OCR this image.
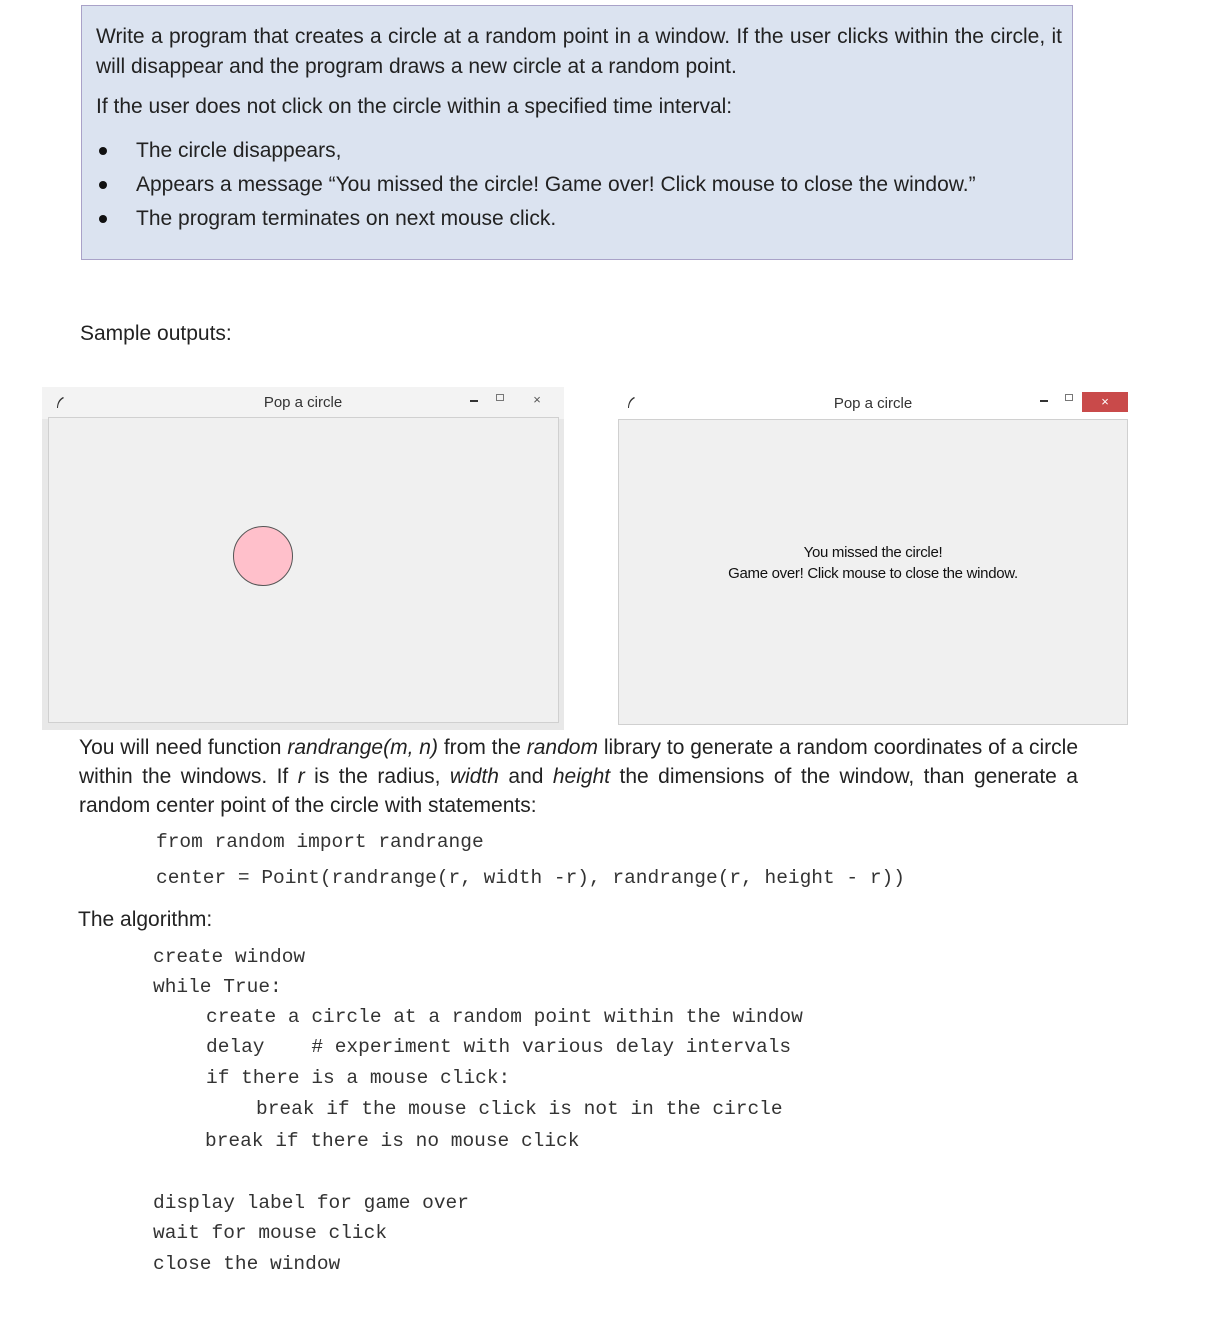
Write a program that creates a circle at a random point in a window. If the user clicks within the circle, it will disappear and the program draws a new circle at a random point.

If the user does not click on the circle within a specified time interval:

The circle disappears,
Appears a message “You missed the circle! Game over! Click mouse to close the window.”
The program terminates on next mouse click.

Sample outputs:

Pop a circle	×	Pop a circle	×
You missed the circle!
Game over! Click mouse to close the window.

You will need function randrange(m, n) from the random library to generate a random coordinates of a circle within the windows. If r is the radius, width and height the dimensions of the window, than generate a random center point of the circle with statements:

from random import randrange
center = Point(randrange(r, width -r), randrange(r, height - r))

The algorithm:

create window
while True:
create a circle at a random point within the window
delay    # experiment with various delay intervals
if there is a mouse click:
break if the mouse click is not in the circle
break if there is no mouse click
display label for game over
wait for mouse click
close the window
